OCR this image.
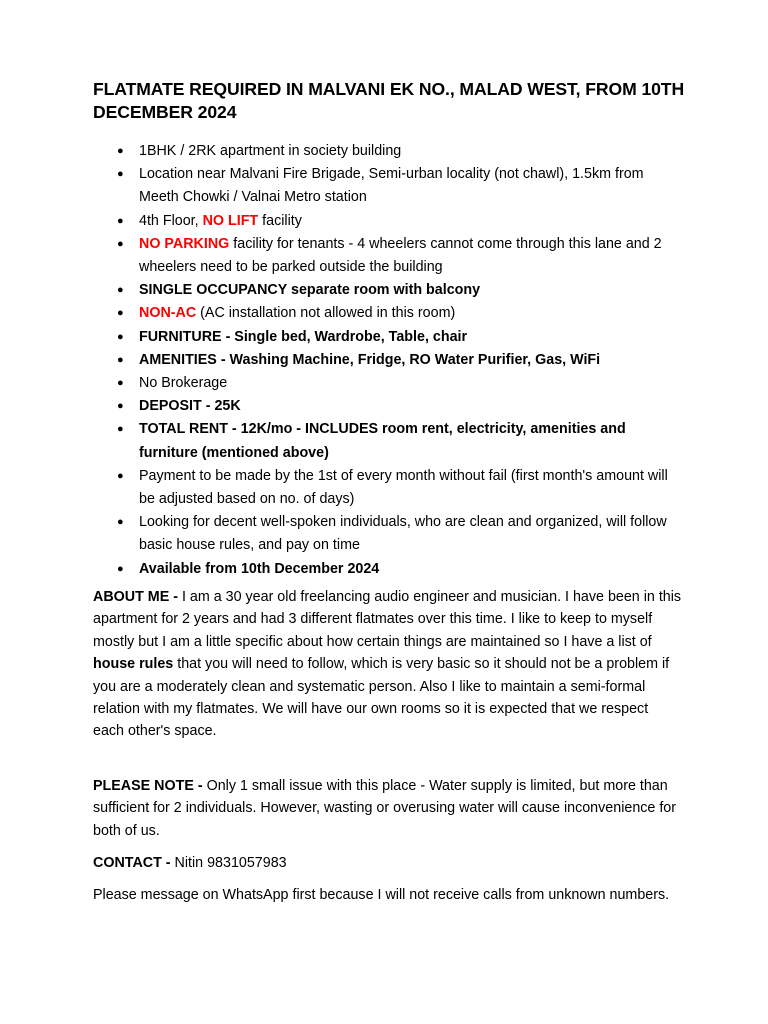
FLATMATE REQUIRED IN MALVANI EK NO., MALAD WEST, FROM 10TH DECEMBER 2024
● 1BHK / 2RK apartment in society building
● Location near Malvani Fire Brigade, Semi-urban locality (not chawl), 1.5km from Meeth Chowki / Valnai Metro station
● 4th Floor, NO LIFT facility
● NO PARKING facility for tenants - 4 wheelers cannot come through this lane and 2 wheelers need to be parked outside the building
● SINGLE OCCUPANCY separate room with balcony
● NON-AC (AC installation not allowed in this room)
● FURNITURE - Single bed, Wardrobe, Table, chair
● AMENITIES - Washing Machine, Fridge, RO Water Purifier, Gas, WiFi
● No Brokerage
● DEPOSIT - 25K
● TOTAL RENT - 12K/mo - INCLUDES room rent, electricity, amenities and furniture (mentioned above)
● Payment to be made by the 1st of every month without fail (first month's amount will be adjusted based on no. of days)
● Looking for decent well-spoken individuals, who are clean and organized, will follow basic house rules, and pay on time
● Available from 10th December 2024

ABOUT ME - I am a 30 year old freelancing audio engineer and musician. I have been in this apartment for 2 years and had 3 different flatmates over this time. I like to keep to myself mostly but I am a little specific about how certain things are maintained so I have a list of house rules that you will need to follow, which is very basic so it should not be a problem if you are a moderately clean and systematic person. Also I like to maintain a semi-formal relation with my flatmates. We will have our own rooms so it is expected that we respect each other's space.

PLEASE NOTE - Only 1 small issue with this place - Water supply is limited, but more than sufficient for 2 individuals. However, wasting or overusing water will cause inconvenience for both of us.

CONTACT - Nitin 9831057983

Please message on WhatsApp first because I will not receive calls from unknown numbers.
